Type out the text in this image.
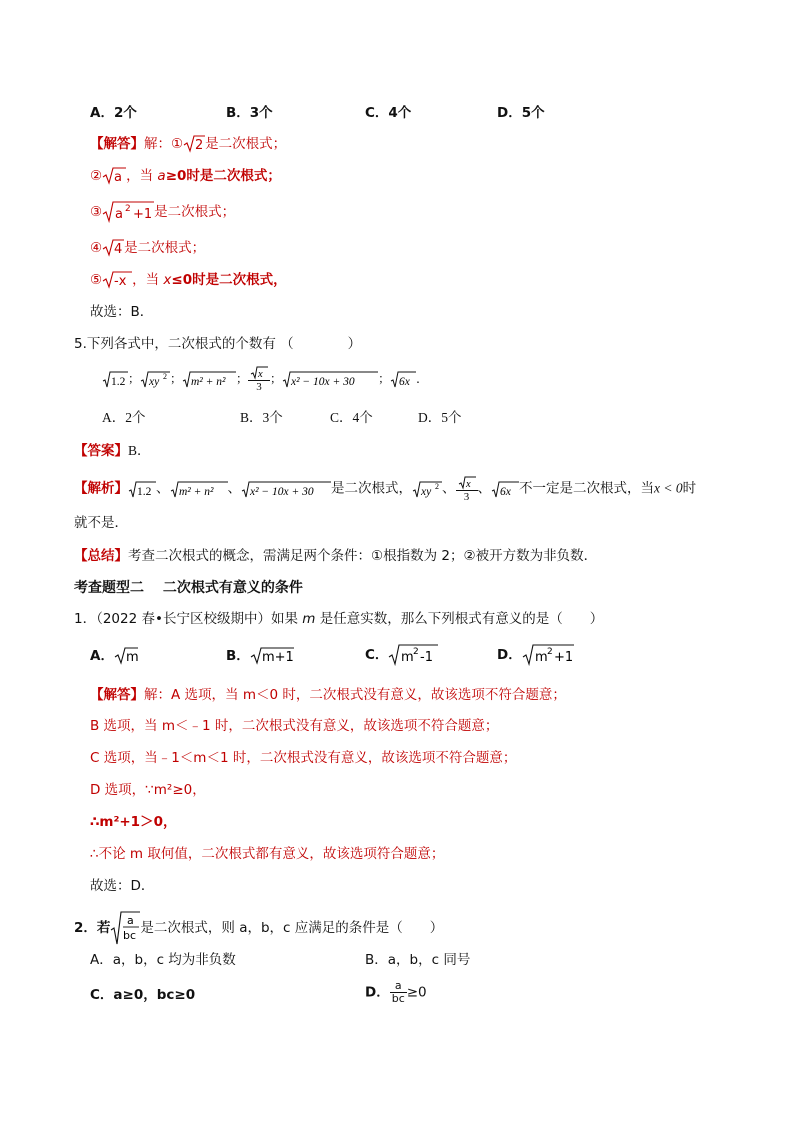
A．2个	B．3个	C．4个	D．5个
【解答】解：① 2 是二次根式；
② a ，当 a≥0时是二次根式；
③ a 2 +1 是二次根式；
④ 4 是二次根式；
⑤ -x ，当 x≤0时是二次根式，
故选：B．
5.下列各式中，二次根式的个数有 （　　　　）
1.2 ； xy 2 ； m² + n² ； $\frac{x}{3}$ ； x² − 10x + 30 ； 6x ．
A．2个	B．3个	C．4个	D．5个
【答案】B．
【解析】 1.2 、 m² + n² 、 x² − 10x + 30 是二次根式， xy 2 、 $\frac{x}{3}$ 、 6x 不一定是二次根式，当x < 0时
就不是．
【总结】考查二次根式的概念，需满足两个条件：①根指数为 2；②被开方数为非负数．
考查题型二　 二次根式有意义的条件
1．（2022 春•长宁区校级期中）如果 m 是任意实数，那么下列根式有意义的是（　　）
A． m	B． m+1	C． m 2 -1	D． m 2 +1
【解答】解：A 选项，当 m＜0 时，二次根式没有意义，故该选项不符合题意；
B 选项，当 m＜﹣1 时，二次根式没有意义，故该选项不符合题意；
C 选项，当﹣1＜m＜1 时，二次根式没有意义，故该选项不符合题意；
D 选项，∵m²≥0，
∴m²+1＞0，
∴不论 m 取何值，二次根式都有意义，故该选项符合题意；
故选：D．
2．若 a
bc 是二次根式，则 a，b，c 应满足的条件是（　　）
A．a，b，c 均为非负数	B．a，b，c 同号
C．a≥0，bc≥0	D． $\frac{a}{bc} \ge 0$
